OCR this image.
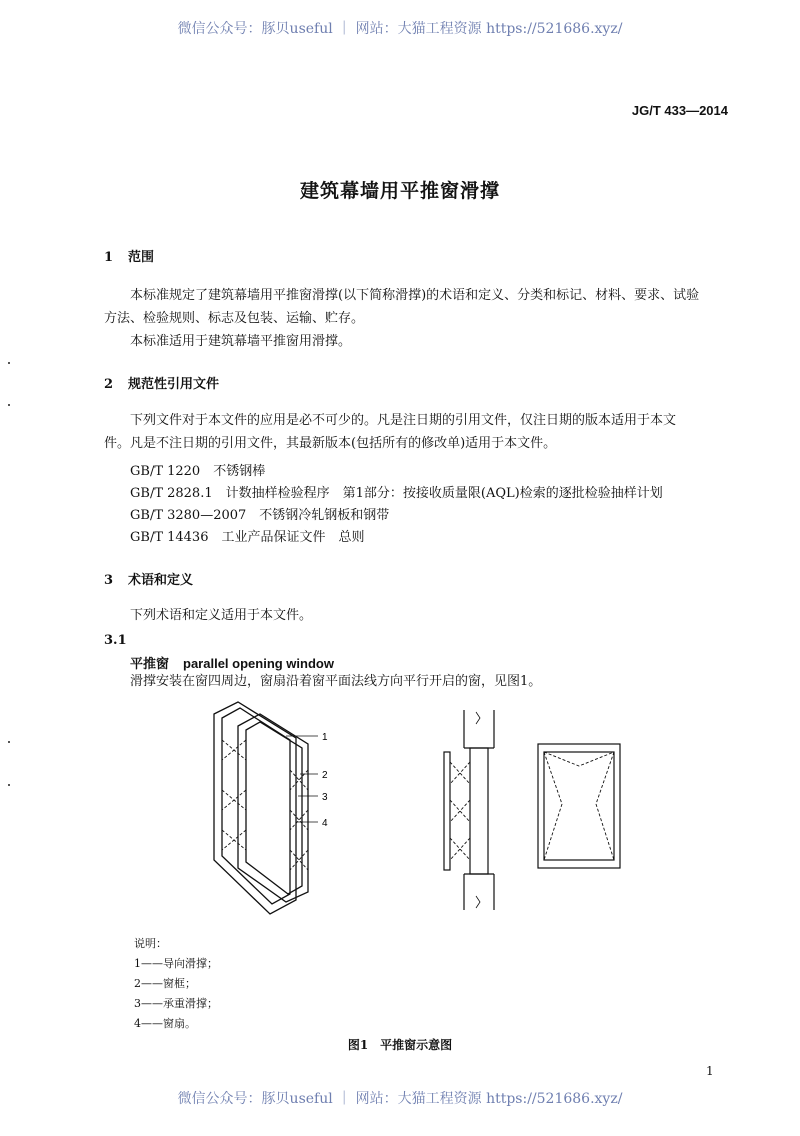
微信公众号：豚贝useful ｜ 网站：大猫工程资源 https://521686.xyz/
微信公众号：豚贝useful ｜ 网站：大猫工程资源 https://521686.xyz/
JG/T 433—2014
建筑幕墙用平推窗滑撑
1 范围
本标准规定了建筑幕墙用平推窗滑撑(以下简称滑撑)的术语和定义、分类和标记、材料、要求、试验
方法、检验规则、标志及包装、运输、贮存。
本标准适用于建筑幕墙平推窗用滑撑。
2 规范性引用文件
下列文件对于本文件的应用是必不可少的。凡是注日期的引用文件，仅注日期的版本适用于本文
件。凡是不注日期的引用文件，其最新版本(包括所有的修改单)适用于本文件。
GB/T 1220　不锈钢棒
GB/T 2828.1　计数抽样检验程序　第1部分：按接收质量限(AQL)检索的逐批检验抽样计划
GB/T 3280—2007　不锈钢冷轧钢板和钢带
GB/T 14436　工业产品保证文件　总则
3 术语和定义
下列术语和定义适用于本文件。
3.1
平推窗 parallel opening window
滑撑安装在窗四周边，窗扇沿着窗平面法线方向平行开启的窗，见图1。
1
2
3
4
说明：
1——导向滑撑；
2——窗框；
3——承重滑撑；
4——窗扇。
图1　平推窗示意图
1
